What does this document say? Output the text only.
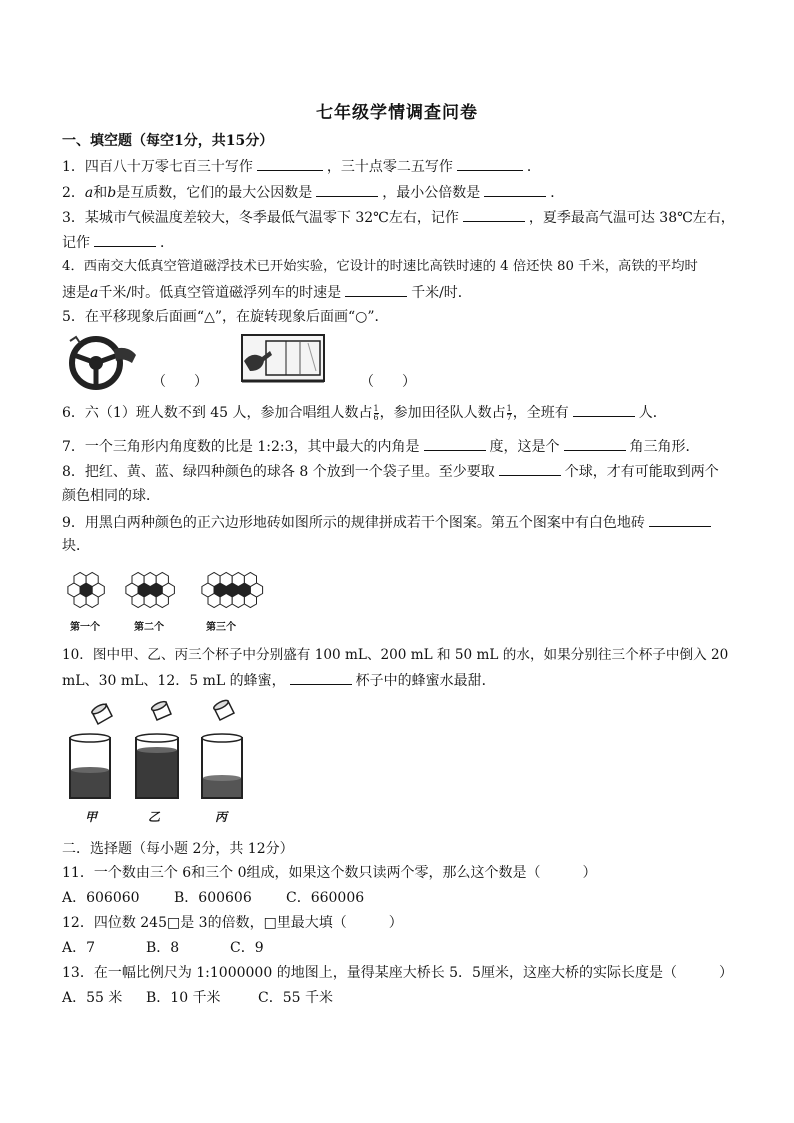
七年级学情调查问卷
一、填空题（每空1分，共15分）
1．四百八十万零七百三十写作	，三十点零二五写作	．
2．a和b是互质数，它们的最大公因数是	，最小公倍数是	．
3．某城市气候温度差较大，冬季最低气温零下 32℃左右，记作	，夏季最高气温可达 38℃左右，
记作	．
4．西南交大低真空管道磁浮技术已开始实验，它设计的时速比高铁时速的 4 倍还快 80 千米，高铁的平均时
速是a千米/时。低真空管道磁浮列车的时速是	千米/时．
5．在平移现象后面画“△”，在旋转现象后面画“○”．
（　　）	（　　）
6．六（1）班人数不到 45 人，参加合唱组人数占 $\frac{1}{6}$ ，参加田径队人数占 $\frac{1}{7}$ ，全班有	人．
7．一个三角形内角度数的比是 1:2:3，其中最大的内角是	度，这是个	角三角形．
8．把红、黄、蓝、绿四种颜色的球各 8 个放到一个袋子里。至少要取	个球，才有可能取到两个
颜色相同的球．
9．用黑白两种颜色的正六边形地砖如图所示的规律拼成若干个图案。第五个图案中有白色地砖
块．
第一个	第二个	第三个
10．图中甲、乙、丙三个杯子中分别盛有 100 mL、200 mL 和 50 mL 的水，如果分别往三个杯子中倒入 20
mL、30 mL、12．5 mL 的蜂蜜，	杯子中的蜂蜜水最甜．
甲	乙	丙
二．选择题（每小题 2分，共 12分）
11．一个数由三个 6和三个 0组成，如果这个数只读两个零，那么这个数是（　　　）
A．606060 B．600606 C．660006
12．四位数 245□是 3的倍数，□里最大填（　　　）
A．7	B．8	C．9
13．在一幅比例尺为 1:1000000 的地图上，量得某座大桥长 5．5厘米，这座大桥的实际长度是（　　　）
A．55 米 B．10 千米	C．55 千米
